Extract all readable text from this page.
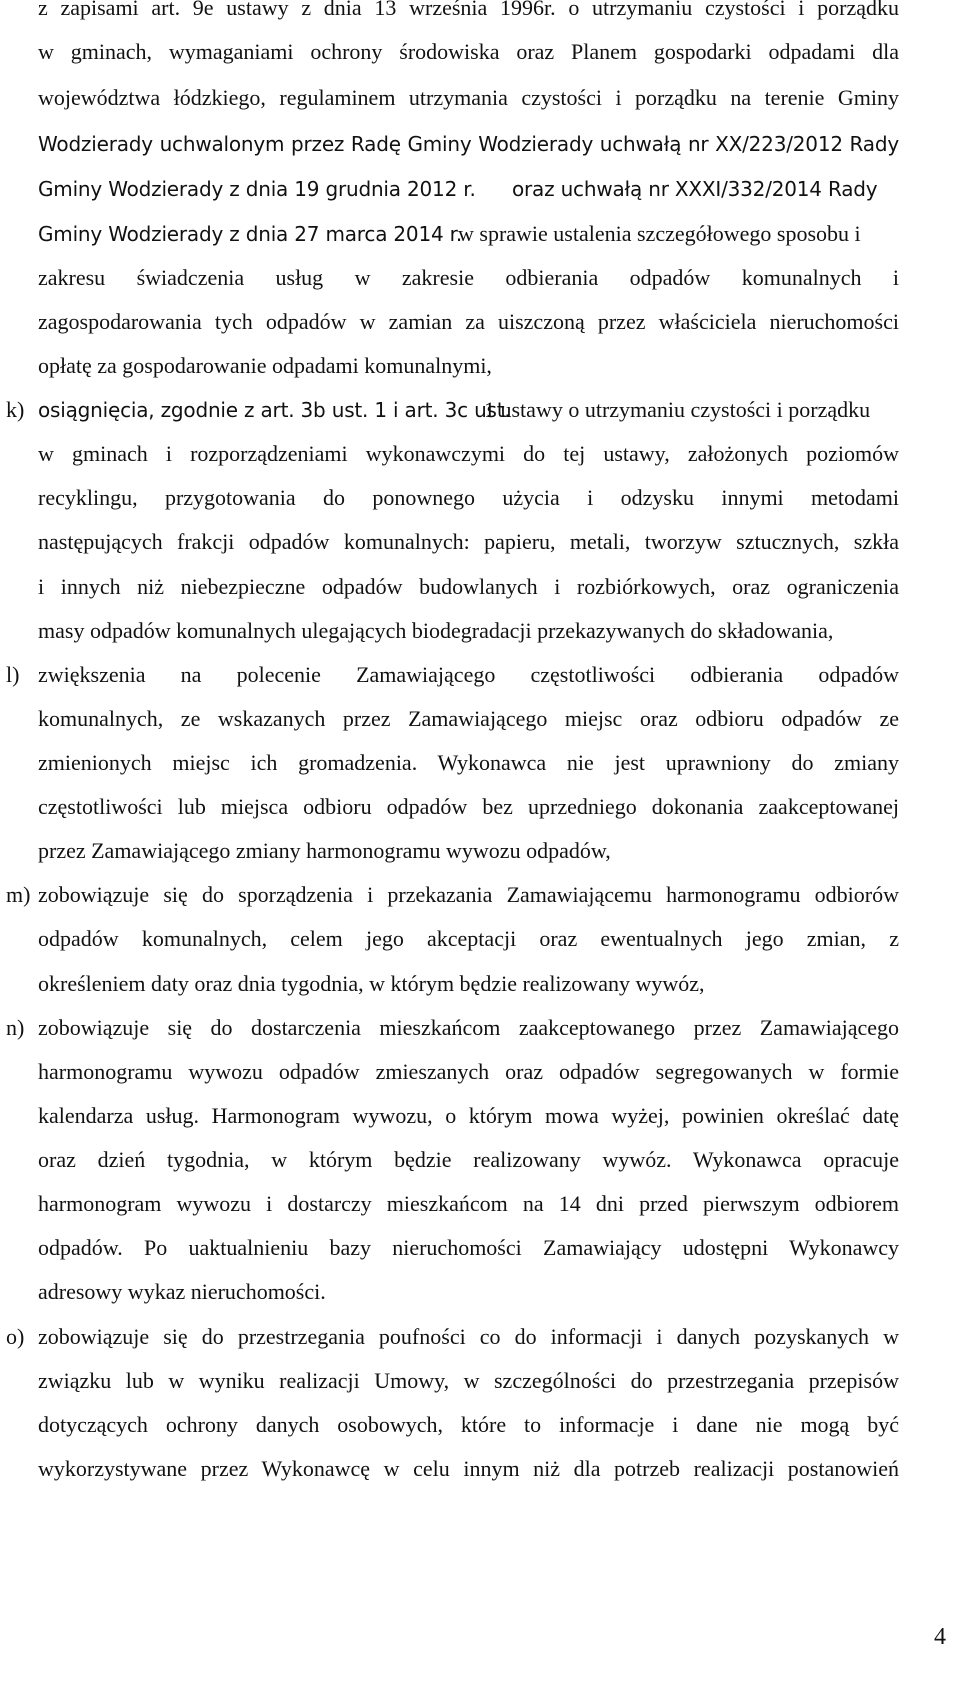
z zapisami art. 9e ustawy z dnia 13 września 1996r. o utrzymaniu czystości i porządku
w gminach, wymaganiami ochrony środowiska oraz Planem gospodarki odpadami dla
województwa łódzkiego, regulaminem utrzymania czystości i porządku na terenie Gminy
Wodzierady uchwalonym przez Radę Gminy Wodzierady uchwałą nr XX/223/2012 Rady
Gminy Wodzierady z dnia 19 grudnia 2012 r. oraz uchwałą nr XXXI/332/2014 Rady
Gminy Wodzierady z dnia 27 marca 2014 r.
w sprawie ustalenia szczegółowego sposobu i
zakresu świadczenia usług w zakresie odbierania odpadów komunalnych i
zagospodarowania tych odpadów w zamian za uiszczoną przez właściciela nieruchomości
opłatę za gospodarowanie odpadami komunalnymi,
k) osiągnięcia, zgodnie z art. 3b ust. 1 i art. 3c ust.
1 ustawy o utrzymaniu czystości i porządku
w gminach i rozporządzeniami wykonawczymi do tej ustawy, założonych poziomów
recyklingu, przygotowania do ponownego użycia i odzysku innymi metodami
następujących frakcji odpadów komunalnych: papieru, metali, tworzyw sztucznych, szkła
i innych niż niebezpieczne odpadów budowlanych i rozbiórkowych, oraz ograniczenia
masy odpadów komunalnych ulegających biodegradacji przekazywanych do składowania,
l) zwiększenia na polecenie Zamawiającego częstotliwości odbierania odpadów
komunalnych, ze wskazanych przez Zamawiającego miejsc oraz odbioru odpadów ze
zmienionych miejsc ich gromadzenia. Wykonawca nie jest uprawniony do zmiany
częstotliwości lub miejsca odbioru odpadów bez uprzedniego dokonania zaakceptowanej
przez Zamawiającego zmiany harmonogramu wywozu odpadów,
m) zobowiązuje się do sporządzenia i przekazania Zamawiającemu harmonogramu odbiorów
odpadów komunalnych, celem jego akceptacji oraz ewentualnych jego zmian, z
określeniem daty oraz dnia tygodnia, w którym będzie realizowany wywóz,
n) zobowiązuje się do dostarczenia mieszkańcom zaakceptowanego przez Zamawiającego
harmonogramu wywozu odpadów zmieszanych oraz odpadów segregowanych w formie
kalendarza usług. Harmonogram wywozu, o którym mowa wyżej, powinien określać datę
oraz dzień tygodnia, w którym będzie realizowany wywóz. Wykonawca opracuje
harmonogram wywozu i dostarczy mieszkańcom na 14 dni przed pierwszym odbiorem
odpadów. Po uaktualnieniu bazy nieruchomości Zamawiający udostępni Wykonawcy
adresowy wykaz nieruchomości.
o) zobowiązuje się do przestrzegania poufności co do informacji i danych pozyskanych w
związku lub w wyniku realizacji Umowy, w szczególności do przestrzegania przepisów
dotyczących ochrony danych osobowych, które to informacje i dane nie mogą być
wykorzystywane przez Wykonawcę w celu innym niż dla potrzeb realizacji postanowień
4
